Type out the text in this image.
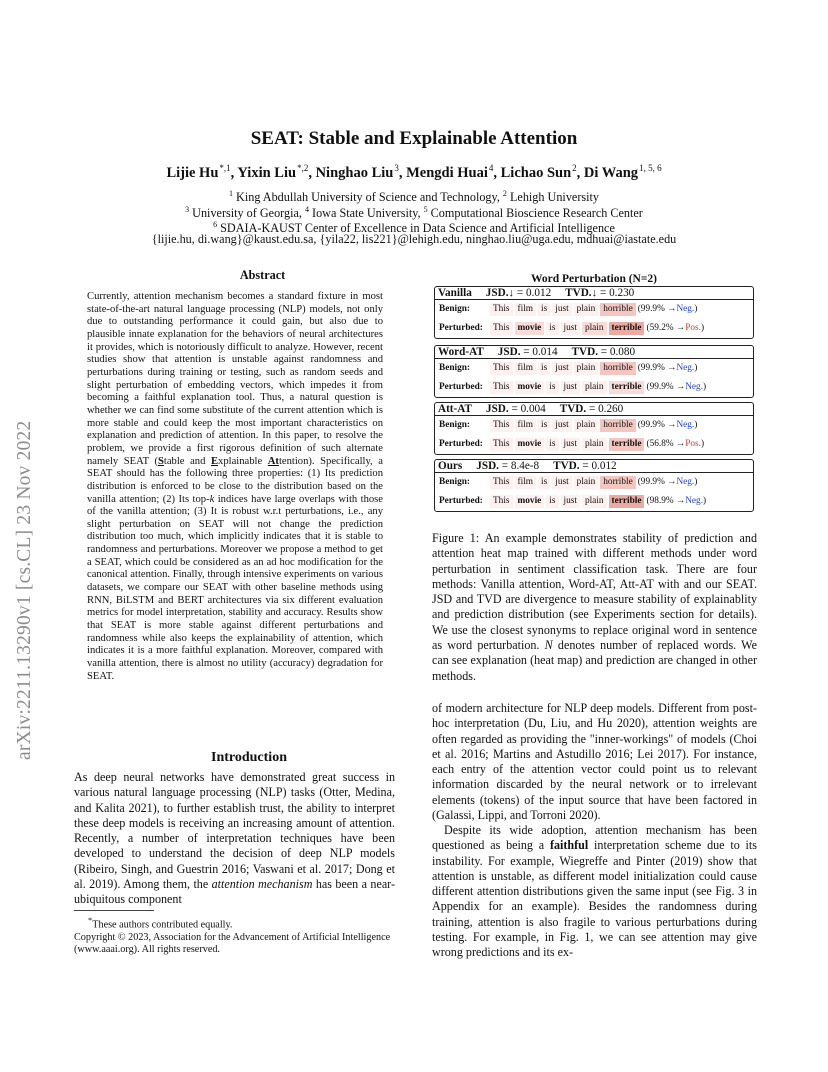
arXiv:2211.13290v1 [cs.CL] 23 Nov 2022
SEAT: Stable and Explainable Attention
Lijie $Hu^{*,1}$, Yixin Liu$^{*,2}$, Ninghao Liu$^3$, Mengdi Huai$^4$, Lichao Sun$^2$, Di Wang$^{1, 5, 6}$
$^1$ King Abdullah University of Science and Technology, $^2$ Lehigh University
$^3$ University of Georgia, $^4$ Iowa State University, $^5$ Computational Bioscience Research Center
$^6$ SDAIA-KAUST Center of Excellence in Data Science and Artificial Intelligence
{lijie.hu, di.wang}@kaust.edu.sa, {yila22, lis221}@lehigh.edu, ninghao.liu@uga.edu, mdhuai@iastate.edu
Abstract
Currently, attention mechanism becomes a standard fixture in most state-of-the-art natural language processing (NLP) models, not only due to outstanding performance it could gain, but also due to plausible innate explanation for the behaviors of neural architectures it provides, which is notoriously difficult to analyze. However, recent studies show that attention is unstable against randomness and perturbations during training or testing, such as random seeds and slight perturbation of embedding vectors, which impedes it from becoming a faithful explanation tool. Thus, a natural question is whether we can find some substitute of the current attention which is more stable and could keep the most important characteristics on explanation and prediction of attention. In this paper, to resolve the problem, we provide a first rigorous definition of such alternate namely SEAT (Stable and Explainable Attention). Specifically, a SEAT should has the following three properties: (1) Its prediction distribution is enforced to be close to the distribution based on the vanilla attention; (2) Its top-k indices have large overlaps with those of the vanilla attention; (3) It is robust w.r.t perturbations, i.e., any slight perturbation on SEAT will not change the prediction distribution too much, which implicitly indicates that it is stable to randomness and perturbations. Moreover we propose a method to get a SEAT, which could be considered as an ad hoc modification for the canonical attention. Finally, through intensive experiments on various datasets, we compare our SEAT with other baseline methods using RNN, BiLSTM and BERT architectures via six different evaluation metrics for model interpretation, stability and accuracy. Results show that SEAT is more stable against different perturbations and randomness while also keeps the explainability of attention, which indicates it is a more faithful explanation. Moreover, compared with vanilla attention, there is almost no utility (accuracy) degradation for SEAT.
Introduction
As deep neural networks have demonstrated great success in various natural language processing (NLP) tasks (Otter, Medina, and Kalita 2021), to further establish trust, the ability to interpret these deep models is receiving an increasing amount of attention. Recently, a number of interpretation techniques have been developed to understand the decision of deep NLP models (Ribeiro, Singh, and Guestrin 2016; Vaswani et al. 2017; Dong et al. 2019). Among them, the attention mechanism has been a near-ubiquitous component
*These authors contributed equally.
Copyright © 2023, Association for the Advancement of Artificial Intelligence (www.aaai.org). All rights reserved.
Word Perturbation (N=2)
Vanilla JSD.↓ = 0.012 TVD.↓ = 0.230
Benign:	This film is just plain horrible (99.9% →Neg.)
Perturbed:	This movie is just plain terrible (59.2% →Pos.)
Word-AT JSD. = 0.014 TVD. = 0.080
Benign:	This film is just plain horrible (99.9% →Neg.)
Perturbed:	This movie is just plain terrible (99.9% →Neg.)
Att-AT JSD. = 0.004 TVD. = 0.260
Benign:	This film is just plain horrible (99.9% →Neg.)
Perturbed:	This movie is just plain terrible (56.8% →Pos.)
Ours JSD. = 8.4e-8 TVD. = 0.012
Benign:	This film is just plain horrible (99.9% →Neg.)
Perturbed:	This movie is just plain terrible (98.9% →Neg.)
Figure 1: An example demonstrates stability of prediction and attention heat map trained with different methods under word perturbation in sentiment classification task. There are four methods: Vanilla attention, Word-AT, Att-AT with and our SEAT. JSD and TVD are divergence to measure stability of explainablity and prediction distribution (see Experiments section for details). We use the closest synonyms to replace original word in sentence as word perturbation. N denotes number of replaced words. We can see explanation (heat map) and prediction are changed in other methods.
of modern architecture for NLP deep models. Different from post-hoc interpretation (Du, Liu, and Hu 2020), attention weights are often regarded as providing the "inner-workings" of models (Choi et al. 2016; Martins and Astudillo 2016; Lei 2017). For instance, each entry of the attention vector could point us to relevant information discarded by the neural network or to irrelevant elements (tokens) of the input source that have been factored in (Galassi, Lippi, and Torroni 2020).
Despite its wide adoption, attention mechanism has been questioned as being a faithful interpretation scheme due to its instability. For example, Wiegreffe and Pinter (2019) show that attention is unstable, as different model initialization could cause different attention distributions given the same input (see Fig. 3 in Appendix for an example). Besides the randomness during training, attention is also fragile to various perturbations during testing. For example, in Fig. 1, we can see attention may give wrong predictions and its ex-
